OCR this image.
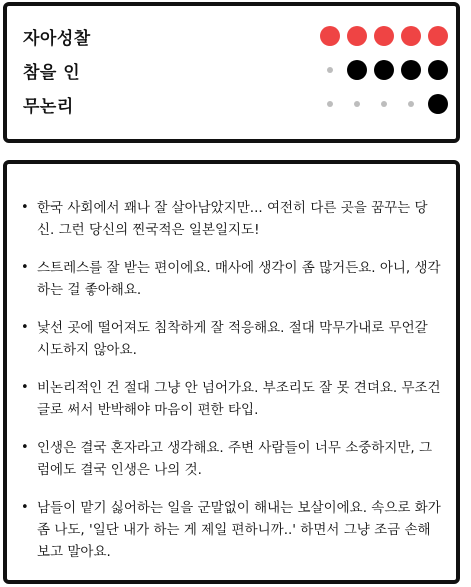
자아성찰
참을 인
무논리
• 한국 사회에서 꽤나 잘 살아남았지만... 여전히 다른 곳을 꿈꾸는 당신. 그런 당신의 찐국적은 일본일지도!
• 스트레스를 잘 받는 편이에요. 매사에 생각이 좀 많거든요. 아니, 생각하는 걸 좋아해요.
• 낯선 곳에 떨어져도 침착하게 잘 적응해요. 절대 막무가내로 무언갈 시도하지 않아요.
• 비논리적인 건 절대 그냥 안 넘어가요. 부조리도 잘 못 견뎌요. 무조건 글로 써서 반박해야 마음이 편한 타입.
• 인생은 결국 혼자라고 생각해요. 주변 사람들이 너무 소중하지만, 그럼에도 결국 인생은 나의 것.
• 남들이 맡기 싫어하는 일을 군말없이 해내는 보살이에요. 속으로 화가 좀 나도, '일단 내가 하는 게 제일 편하니까..' 하면서 그냥 조금 손해 보고 말아요.
